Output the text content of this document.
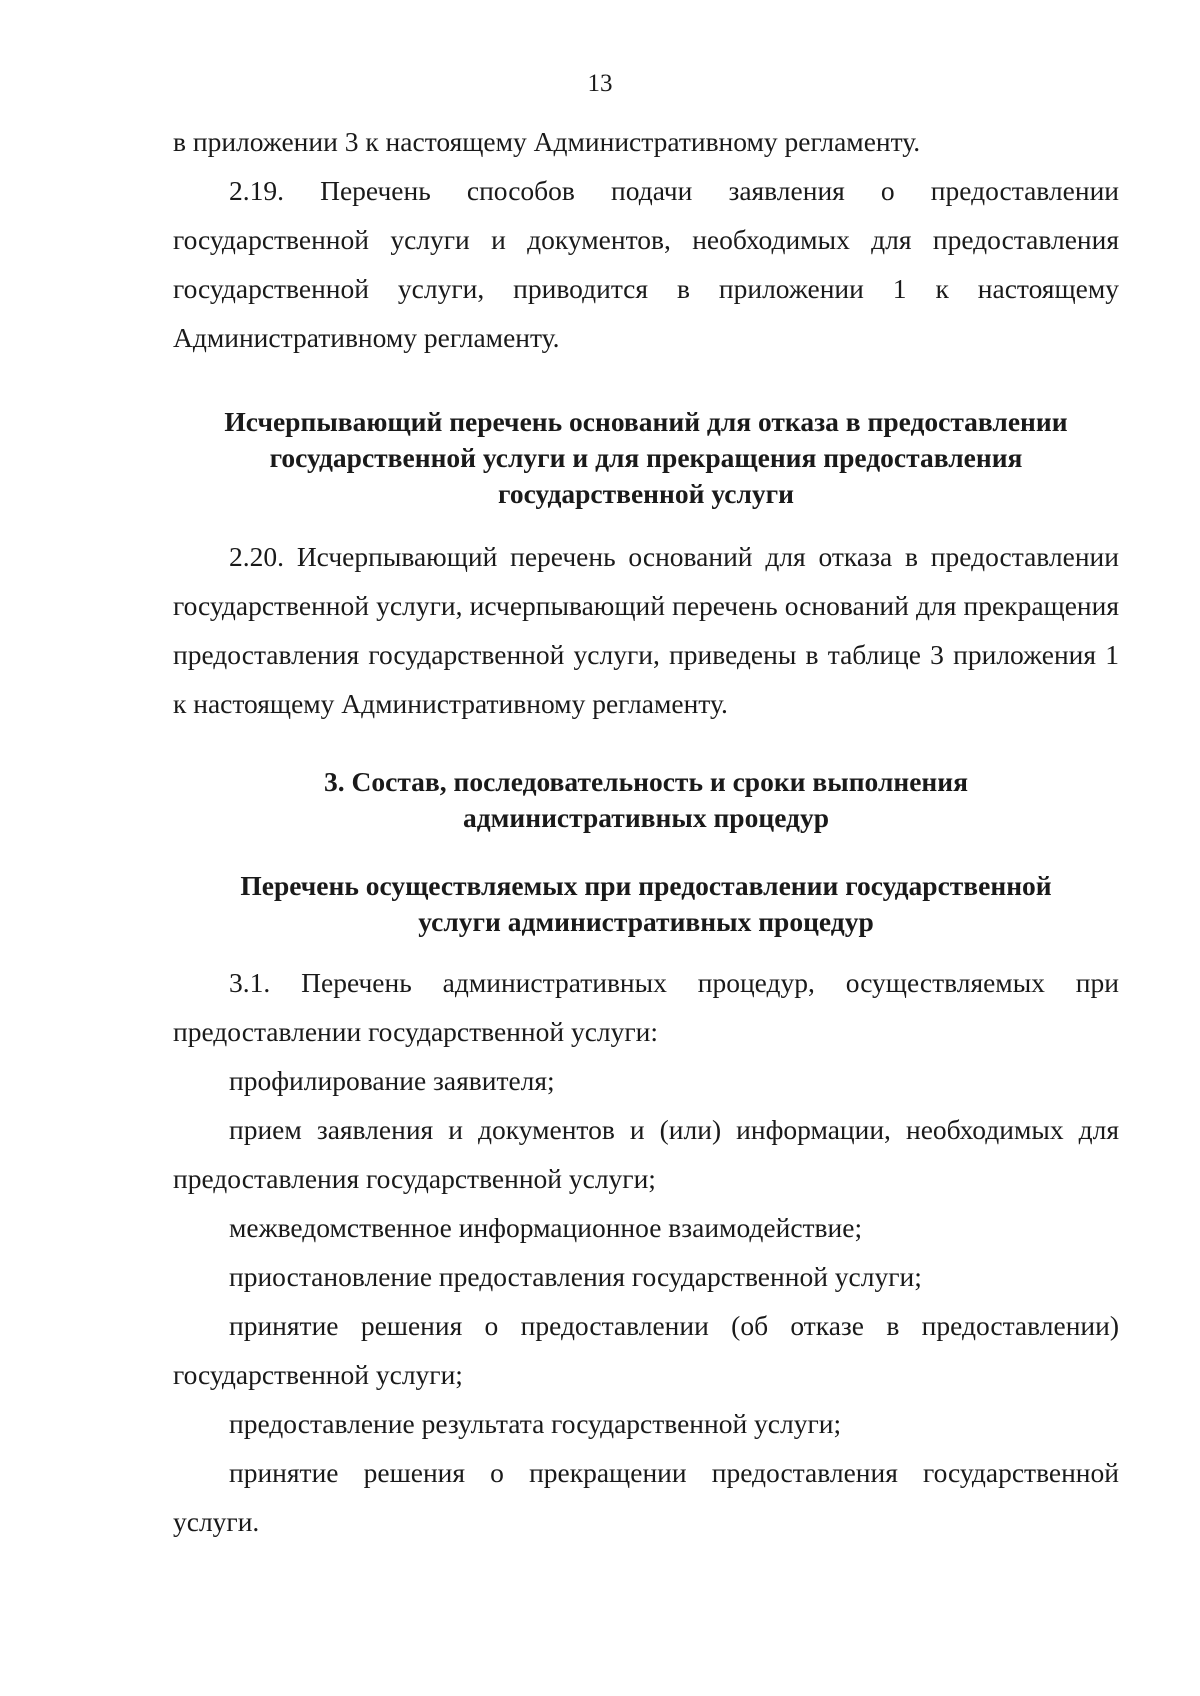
13

в приложении 3 к настоящему Административному регламенту.

2.19. Перечень способов подачи заявления о предоставлении государственной услуги и документов, необходимых для предоставления государственной услуги, приводится в приложении 1 к настоящему Административному регламенту.

Исчерпывающий перечень оснований для отказа в предоставлении
государственной услуги и для прекращения предоставления
государственной услуги

2.20. Исчерпывающий перечень оснований для отказа в предоставлении государственной услуги, исчерпывающий перечень оснований для прекращения предоставления государственной услуги, приведены в таблице 3 приложения 1 к настоящему Административному регламенту.

3. Состав, последовательность и сроки выполнения
административных процедур
Перечень осуществляемых при предоставлении государственной
услуги административных процедур

3.1. Перечень административных процедур, осуществляемых при предоставлении государственной услуги:

профилирование заявителя;

прием заявления и документов и (или) информации, необходимых для предоставления государственной услуги;

межведомственное информационное взаимодействие;

приостановление предоставления государственной услуги;

принятие решения о предоставлении (об отказе в предоставлении) государственной услуги;

предоставление результата государственной услуги;

принятие решения о прекращении предоставления государственной услуги.
